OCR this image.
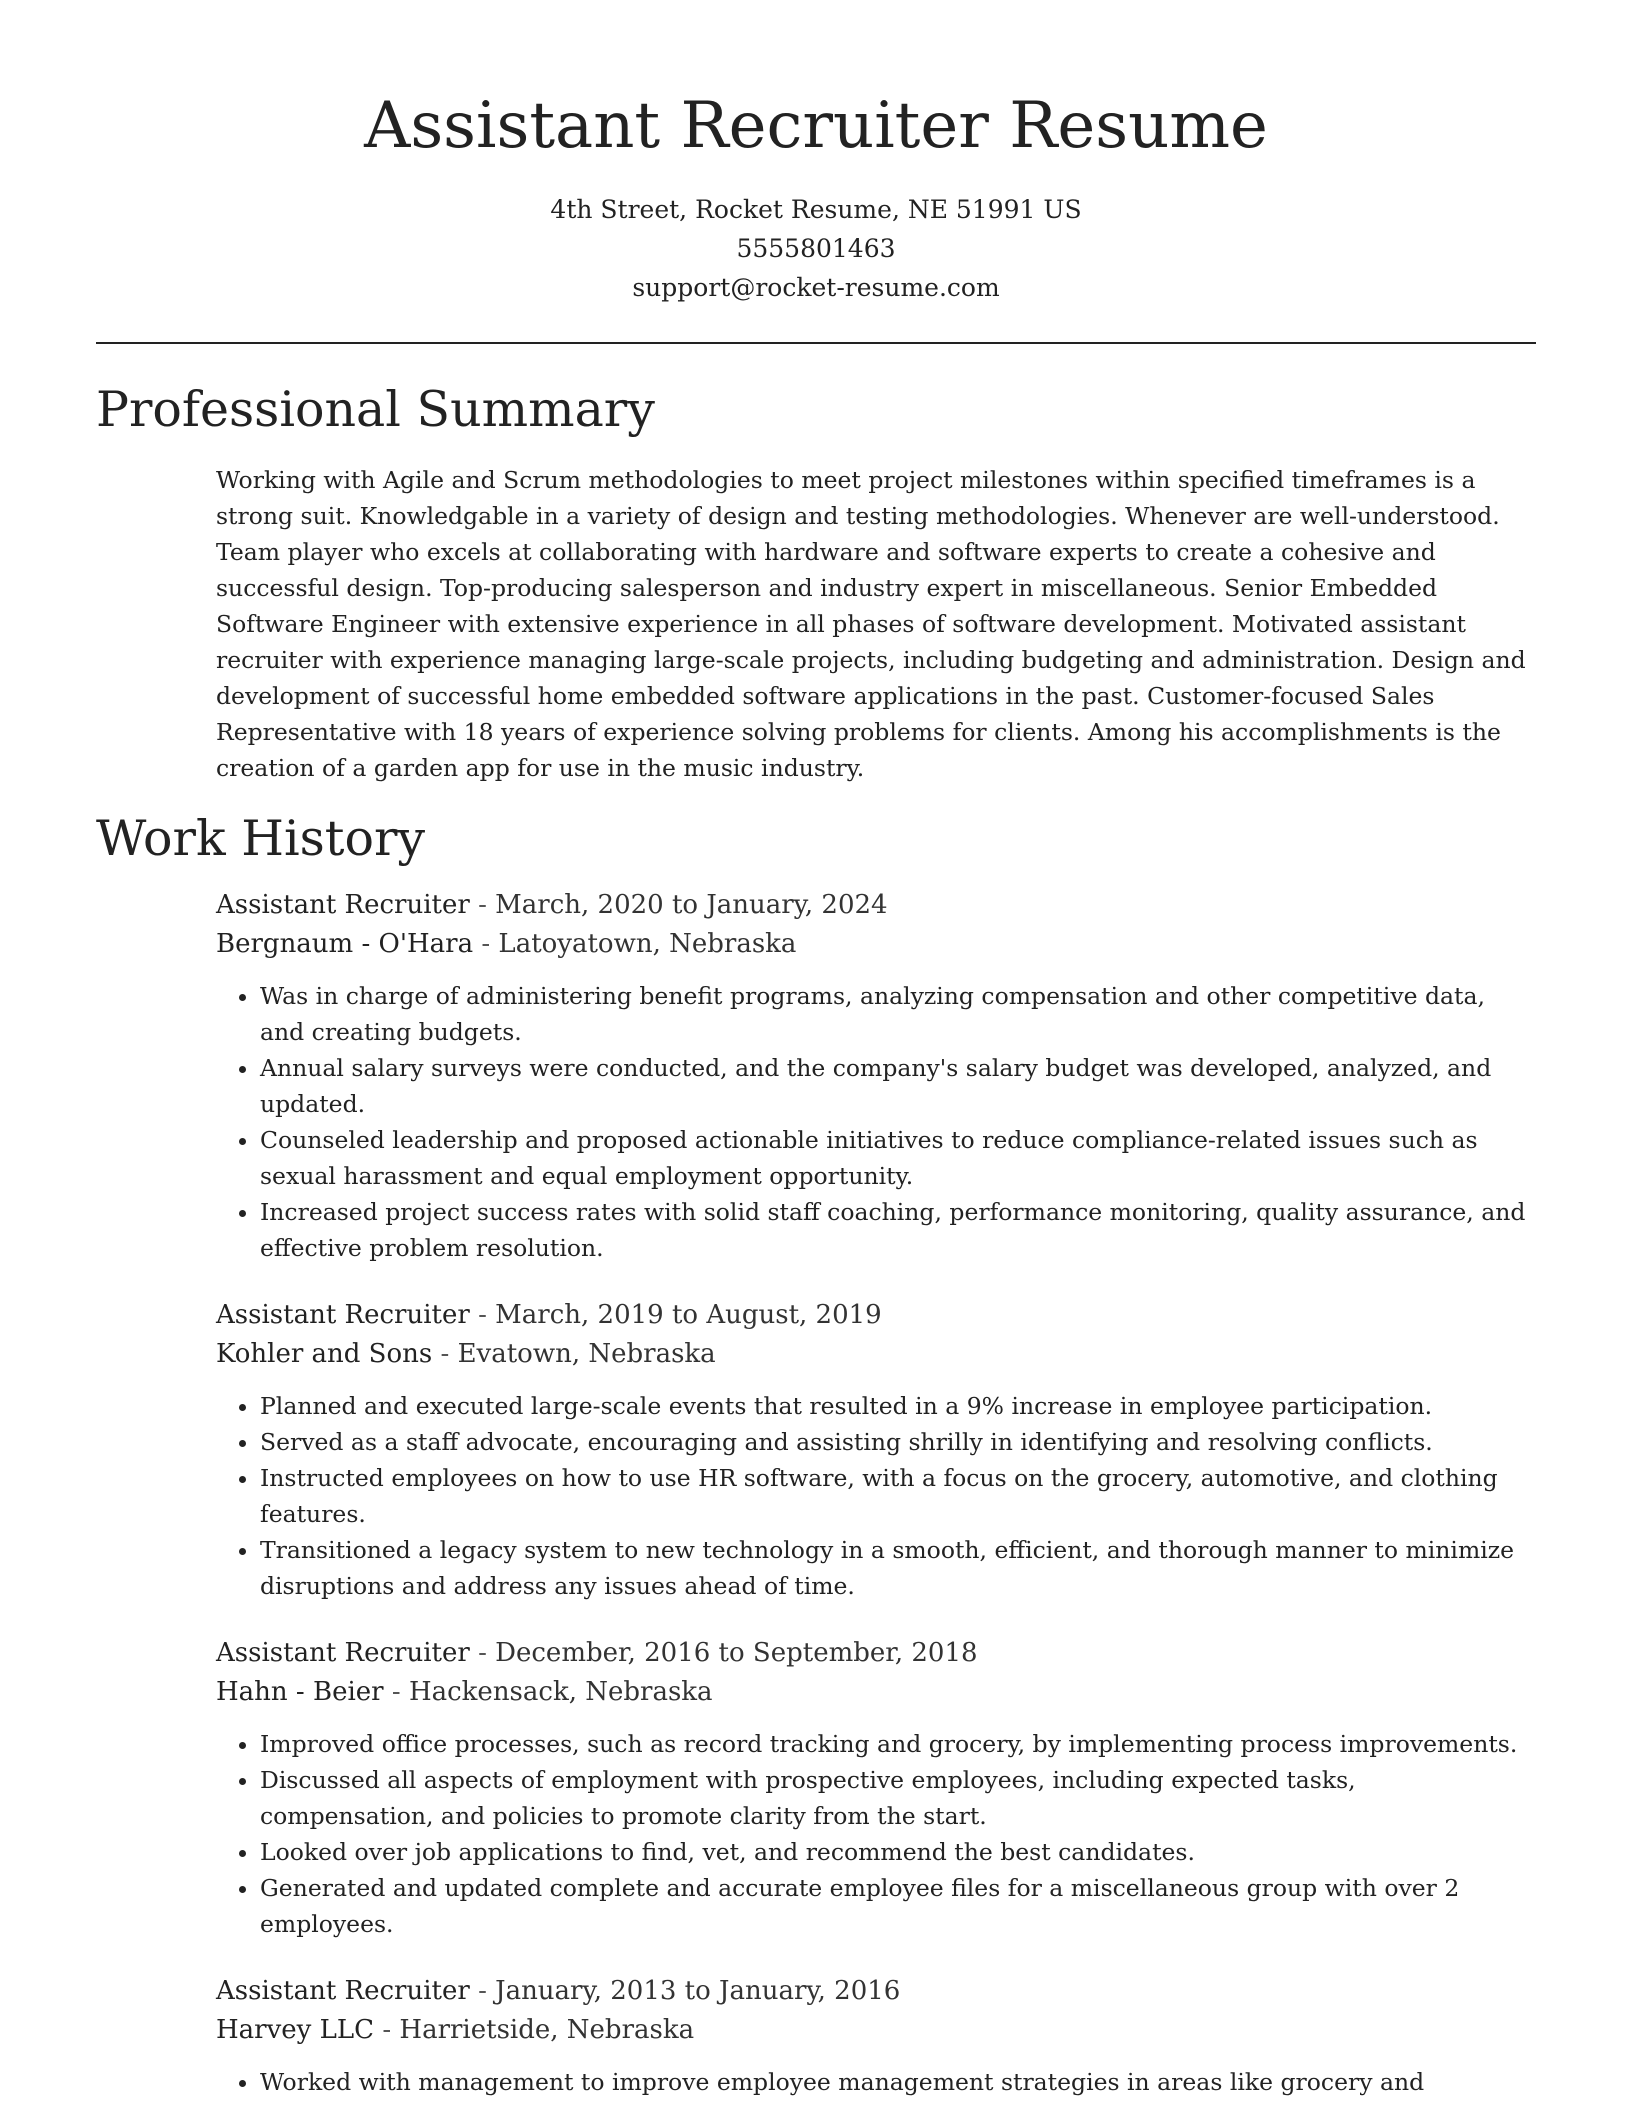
Assistant Recruiter Resume
4th Street, Rocket Resume, NE 51991 US
5555801463
support@rocket-resume.com
Professional Summary

Working with Agile and Scrum methodologies to meet project milestones within specified timeframes is a strong suit. Knowledgable in a variety of design and testing methodologies. Whenever are well-understood. Team player who excels at collaborating with hardware and software experts to create a cohesive and successful design. Top-producing salesperson and industry expert in miscellaneous. Senior Embedded Software Engineer with extensive experience in all phases of software development. Motivated assistant recruiter with experience managing large-scale projects, including budgeting and administration. Design and development of successful home embedded software applications in the past. Customer-focused Sales Representative with 18 years of experience solving problems for clients. Among his accomplishments is the creation of a garden app for use in the music industry.

Work History
Assistant Recruiter - March, 2020 to January, 2024
Bergnaum - O'Hara - Latoyatown, Nebraska
• Was in charge of administering benefit programs, analyzing compensation and other competitive data, and creating budgets.
• Annual salary surveys were conducted, and the company's salary budget was developed, analyzed, and updated.
• Counseled leadership and proposed actionable initiatives to reduce compliance-related issues such as sexual harassment and equal employment opportunity.
• Increased project success rates with solid staff coaching, performance monitoring, quality assurance, and effective problem resolution.
Assistant Recruiter - March, 2019 to August, 2019
Kohler and Sons - Evatown, Nebraska
• Planned and executed large-scale events that resulted in a 9% increase in employee participation.
• Served as a staff advocate, encouraging and assisting shrilly in identifying and resolving conflicts.
• Instructed employees on how to use HR software, with a focus on the grocery, automotive, and clothing features.
• Transitioned a legacy system to new technology in a smooth, efficient, and thorough manner to minimize disruptions and address any issues ahead of time.
Assistant Recruiter - December, 2016 to September, 2018
Hahn - Beier - Hackensack, Nebraska
• Improved office processes, such as record tracking and grocery, by implementing process improvements.
• Discussed all aspects of employment with prospective employees, including expected tasks, compensation, and policies to promote clarity from the start.
• Looked over job applications to find, vet, and recommend the best candidates.
• Generated and updated complete and accurate employee files for a miscellaneous group with over 2 employees.
Assistant Recruiter - January, 2013 to January, 2016
Harvey LLC - Harrietside, Nebraska
• Worked with management to improve employee management strategies in areas like grocery and
